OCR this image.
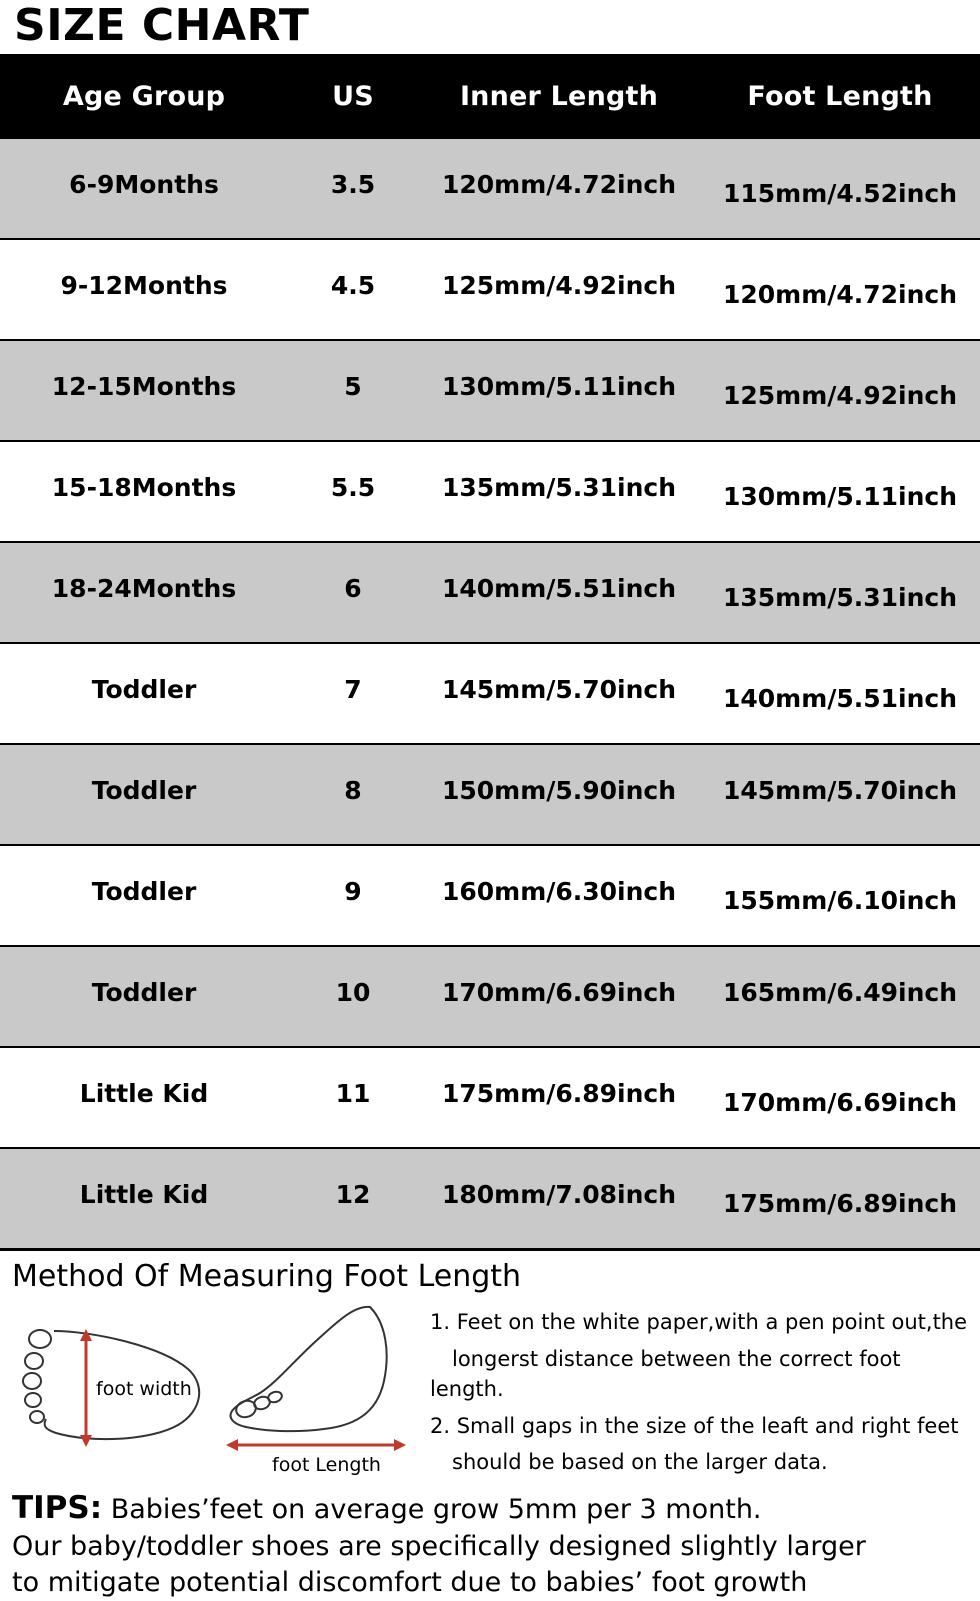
SIZE CHART
Age Group	US	Inner Length	Foot Length
6-9Months	3.5	120mm/4.72inch	115mm/4.52inch
9-12Months	4.5	125mm/4.92inch	120mm/4.72inch
12-15Months	5	130mm/5.11inch	125mm/4.92inch
15-18Months	5.5	135mm/5.31inch	130mm/5.11inch
18-24Months	6	140mm/5.51inch	135mm/5.31inch
Toddler	7	145mm/5.70inch	140mm/5.51inch
Toddler	8	150mm/5.90inch	145mm/5.70inch
Toddler	9	160mm/6.30inch	155mm/6.10inch
Toddler	10	170mm/6.69inch	165mm/6.49inch
Little Kid	11	175mm/6.89inch	170mm/6.69inch
Little Kid	12	180mm/7.08inch	175mm/6.89inch
Method Of Measuring Foot Length
foot width
foot Length

1. Feet on the white paper,with a pen point out,the

longerst distance between the correct foot length.

2. Small gaps in the size of the leaft and right feet

should be based on the larger data.

TIPS: Babies’feet on average grow 5mm per 3 month.
Our baby/toddler shoes are specifically designed slightly larger
to mitigate potential discomfort due to babies’ foot growth
